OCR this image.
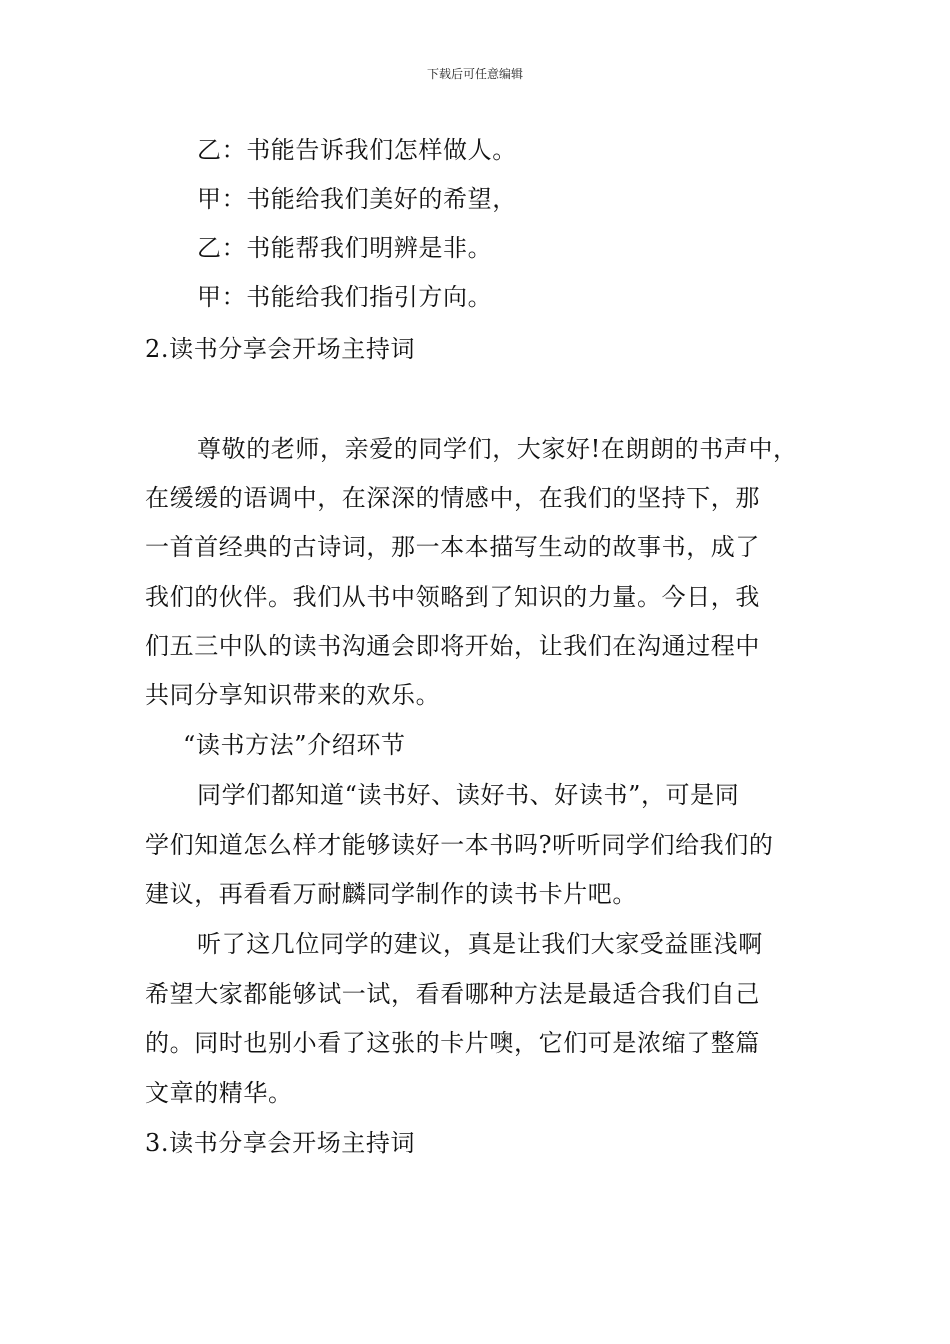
下载后可任意编辑
乙：书能告诉我们怎样做人。
甲：书能给我们美好的希望，
乙：书能帮我们明辨是非。
甲：书能给我们指引方向。
2.读书分享会开场主持词
尊敬的老师，亲爱的同学们，大家好!在朗朗的书声中，
在缓缓的语调中，在深深的情感中，在我们的坚持下，那
一首首经典的古诗词，那一本本描写生动的故事书，成了
我们的伙伴。我们从书中领略到了知识的力量。今日，我
们五三中队的读书沟通会即将开始，让我们在沟通过程中
共同分享知识带来的欢乐。
“读书方法”介绍环节
同学们都知道“读书好、读好书、好读书”，可是同
学们知道怎么样才能够读好一本书吗?听听同学们给我们的
建议，再看看万耐麟同学制作的读书卡片吧。
听了这几位同学的建议，真是让我们大家受益匪浅啊
希望大家都能够试一试，看看哪种方法是最适合我们自己
的。同时也别小看了这张的卡片噢，它们可是浓缩了整篇
文章的精华。
3.读书分享会开场主持词
